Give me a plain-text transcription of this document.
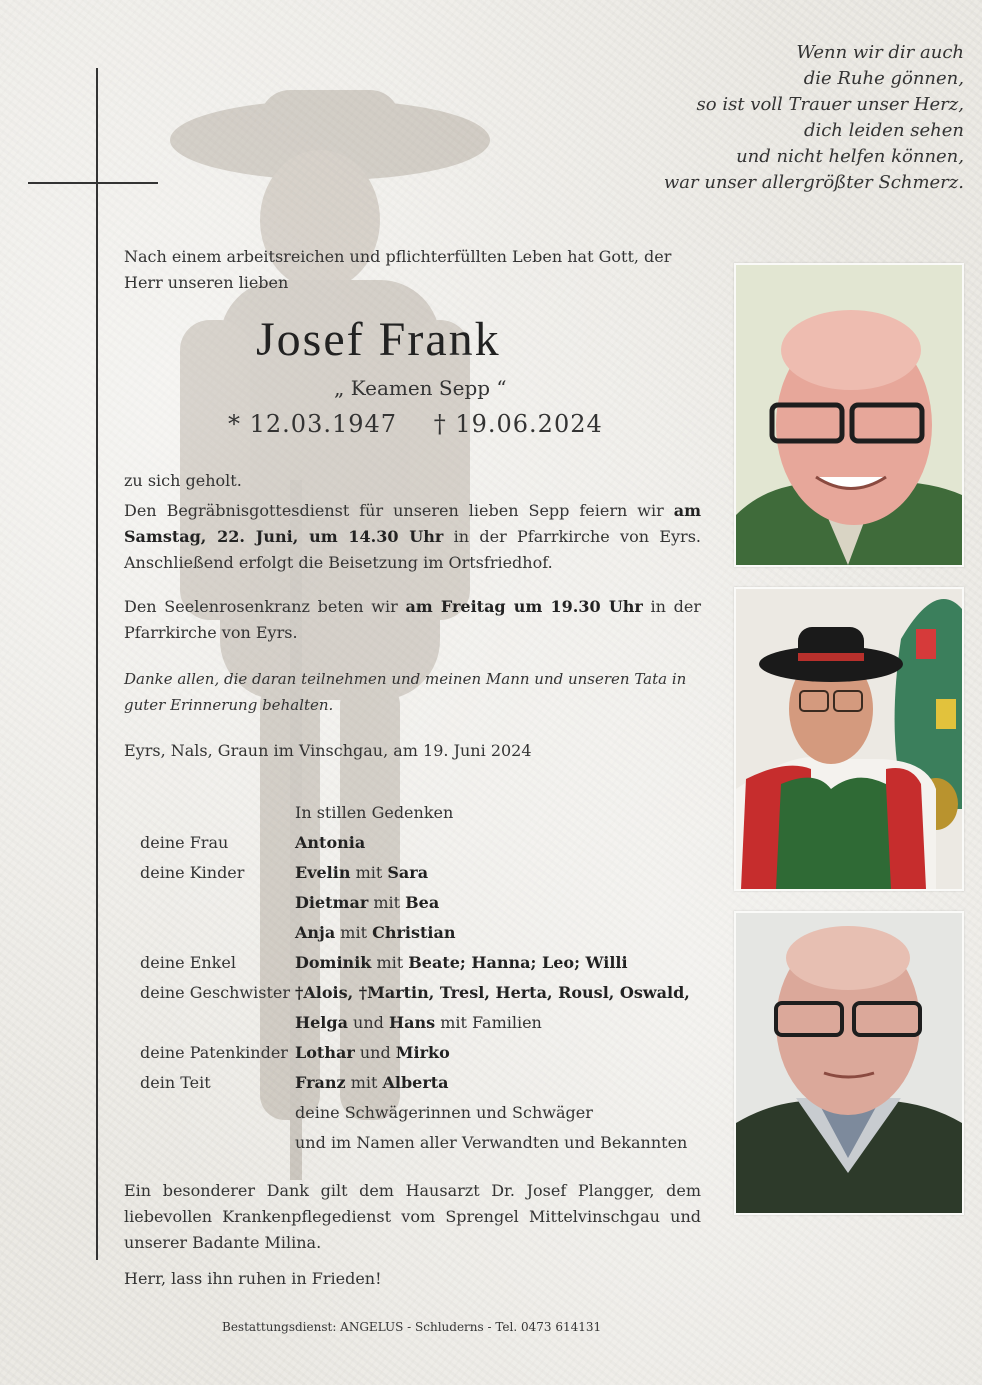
Wenn wir dir auch
die Ruhe gönnen,
so ist voll Trauer unser Herz,
dich leiden sehen
und nicht helfen können,
war unser allergrößter Schmerz.
Nach einem arbeitsreichen und pflichterfüllten Leben hat Gott, der Herr unseren lieben
Josef Frank
„ Keamen Sepp “
* 12.03.1947 † 19.06.2024
zu sich geholt.
Den Begräbnisgottesdienst für unseren lieben Sepp feiern wir am Samstag, 22. Juni, um 14.30 Uhr in der Pfarrkirche von Eyrs. Anschließend erfolgt die Beisetzung im Ortsfriedhof.
Den Seelenrosenkranz beten wir am Freitag um 19.30 Uhr in der Pfarrkirche von Eyrs.
Danke allen, die daran teilnehmen und meinen Mann und unseren Tata in guter Erinnerung behalten.
Eyrs, Nals, Graun im Vinschgau, am 19. Juni 2024
In stillen Gedenken
deine Frau	Antonia
deine Kinder	Evelin mit Sara
Dietmar mit Bea
Anja mit Christian
deine Enkel	Dominik mit Beate; Hanna; Leo; Willi
deine Geschwister †Alois, †Martin, Tresl, Herta, Rousl, Oswald,
Helga und Hans mit Familien
deine Patenkinder Lothar und Mirko
dein Teit	Franz mit Alberta
deine Schwägerinnen und Schwäger
und im Namen aller Verwandten und Bekannten
Ein besonderer Dank gilt dem Hausarzt Dr. Josef Plangger, dem liebevollen Krankenpflegedienst vom Sprengel Mittelvinschgau und unserer Badante Milina.
Herr, lass ihn ruhen in Frieden!
Bestattungsdienst: ANGELUS - Schluderns - Tel. 0473 614131
